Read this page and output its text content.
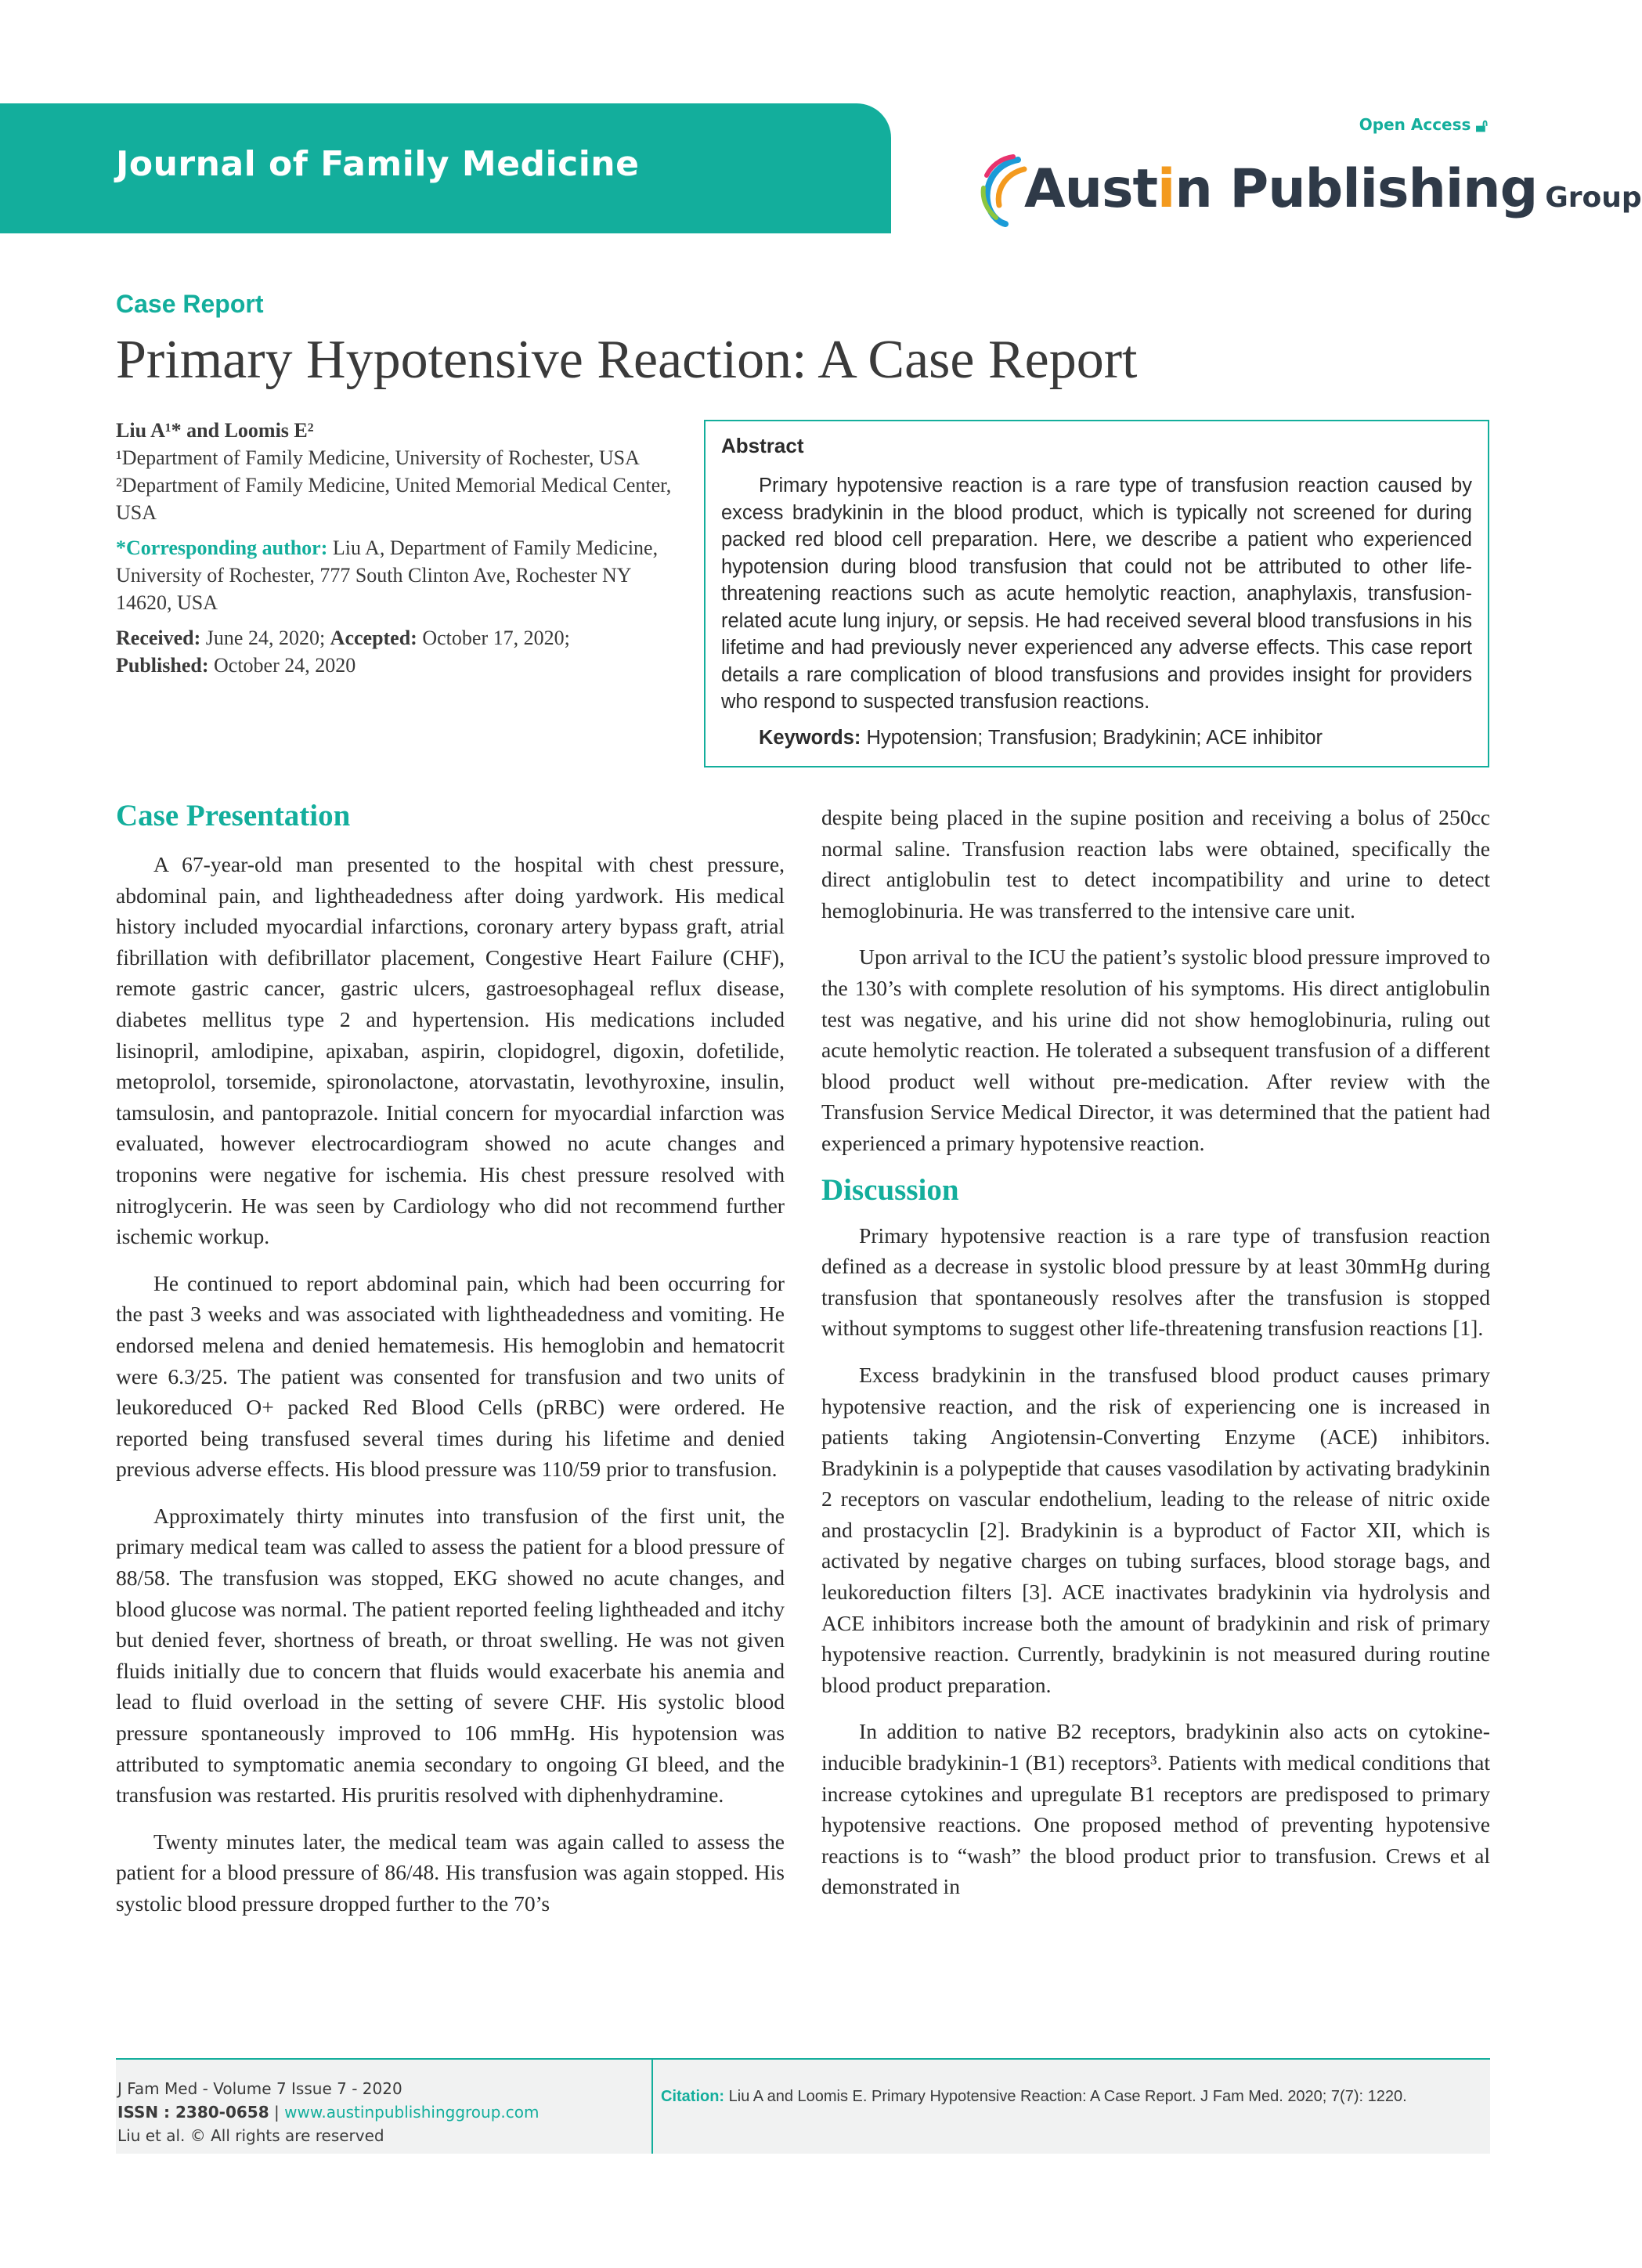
Journal of Family Medicine
Open Access 🔓︎
Austin Publishing Group
Case Report
Primary Hypotensive Reaction: A Case Report
Liu A¹* and Loomis E²
¹Department of Family Medicine, University of Rochester, USA
²Department of Family Medicine, United Memorial Medical Center, USA
*Corresponding author: Liu A, Department of Family Medicine, University of Rochester, 777 South Clinton Ave, Rochester NY 14620, USA
Received: June 24, 2020; Accepted: October 17, 2020;
Published: October 24, 2020
Abstract

Primary hypotensive reaction is a rare type of transfusion reaction caused by excess bradykinin in the blood product, which is typically not screened for during packed red blood cell preparation. Here, we describe a patient who experienced hypotension during blood transfusion that could not be attributed to other life-threatening reactions such as acute hemolytic reaction, anaphylaxis, transfusion-related acute lung injury, or sepsis. He had received several blood transfusions in his lifetime and had previously never experienced any adverse effects. This case report details a rare complication of blood transfusions and provides insight for providers who respond to suspected transfusion reactions.

Keywords: Hypotension; Transfusion; Bradykinin; ACE inhibitor
Case Presentation

A 67-year-old man presented to the hospital with chest pressure, abdominal pain, and lightheadedness after doing yardwork. His medical history included myocardial infarctions, coronary artery bypass graft, atrial fibrillation with defibrillator placement, Congestive Heart Failure (CHF), remote gastric cancer, gastric ulcers, gastroesophageal reflux disease, diabetes mellitus type 2 and hypertension. His medications included lisinopril, amlodipine, apixaban, aspirin, clopidogrel, digoxin, dofetilide, metoprolol, torsemide, spironolactone, atorvastatin, levothyroxine, insulin, tamsulosin, and pantoprazole. Initial concern for myocardial infarction was evaluated, however electrocardiogram showed no acute changes and troponins were negative for ischemia. His chest pressure resolved with nitroglycerin. He was seen by Cardiology who did not recommend further ischemic workup.

He continued to report abdominal pain, which had been occurring for the past 3 weeks and was associated with lightheadedness and vomiting. He endorsed melena and denied hematemesis. His hemoglobin and hematocrit were 6.3/25. The patient was consented for transfusion and two units of leukoreduced O+ packed Red Blood Cells (pRBC) were ordered. He reported being transfused several times during his lifetime and denied previous adverse effects. His blood pressure was 110/59 prior to transfusion.

Approximately thirty minutes into transfusion of the first unit, the primary medical team was called to assess the patient for a blood pressure of 88/58. The transfusion was stopped, EKG showed no acute changes, and blood glucose was normal. The patient reported feeling lightheaded and itchy but denied fever, shortness of breath, or throat swelling. He was not given fluids initially due to concern that fluids would exacerbate his anemia and lead to fluid overload in the setting of severe CHF. His systolic blood pressure spontaneously improved to 106 mmHg. His hypotension was attributed to symptomatic anemia secondary to ongoing GI bleed, and the transfusion was restarted. His pruritis resolved with diphenhydramine.

Twenty minutes later, the medical team was again called to assess the patient for a blood pressure of 86/48. His transfusion was again stopped. His systolic blood pressure dropped further to the 70’s

despite being placed in the supine position and receiving a bolus of 250cc normal saline. Transfusion reaction labs were obtained, specifically the direct antiglobulin test to detect incompatibility and urine to detect hemoglobinuria. He was transferred to the intensive care unit.

Upon arrival to the ICU the patient’s systolic blood pressure improved to the 130’s with complete resolution of his symptoms. His direct antiglobulin test was negative, and his urine did not show hemoglobinuria, ruling out acute hemolytic reaction. He tolerated a subsequent transfusion of a different blood product well without pre-medication. After review with the Transfusion Service Medical Director, it was determined that the patient had experienced a primary hypotensive reaction.

Discussion

Primary hypotensive reaction is a rare type of transfusion reaction defined as a decrease in systolic blood pressure by at least 30mmHg during transfusion that spontaneously resolves after the transfusion is stopped without symptoms to suggest other life-threatening transfusion reactions [1].

Excess bradykinin in the transfused blood product causes primary hypotensive reaction, and the risk of experiencing one is increased in patients taking Angiotensin-Converting Enzyme (ACE) inhibitors. Bradykinin is a polypeptide that causes vasodilation by activating bradykinin 2 receptors on vascular endothelium, leading to the release of nitric oxide and prostacyclin [2]. Bradykinin is a byproduct of Factor XII, which is activated by negative charges on tubing surfaces, blood storage bags, and leukoreduction filters [3]. ACE inactivates bradykinin via hydrolysis and ACE inhibitors increase both the amount of bradykinin and risk of primary hypotensive reaction. Currently, bradykinin is not measured during routine blood product preparation.

In addition to native B2 receptors, bradykinin also acts on cytokine-inducible bradykinin-1 (B1) receptors³. Patients with medical conditions that increase cytokines and upregulate B1 receptors are predisposed to primary hypotensive reactions. One proposed method of preventing hypotensive reactions is to “wash” the blood product prior to transfusion. Crews et al demonstrated in

J Fam Med - Volume 7 Issue 7 - 2020
ISSN : 2380-0658 | www.austinpublishinggroup.com
Liu et al. © All rights are reserved
Citation: Liu A and Loomis E. Primary Hypotensive Reaction: A Case Report. J Fam Med. 2020; 7(7): 1220.
